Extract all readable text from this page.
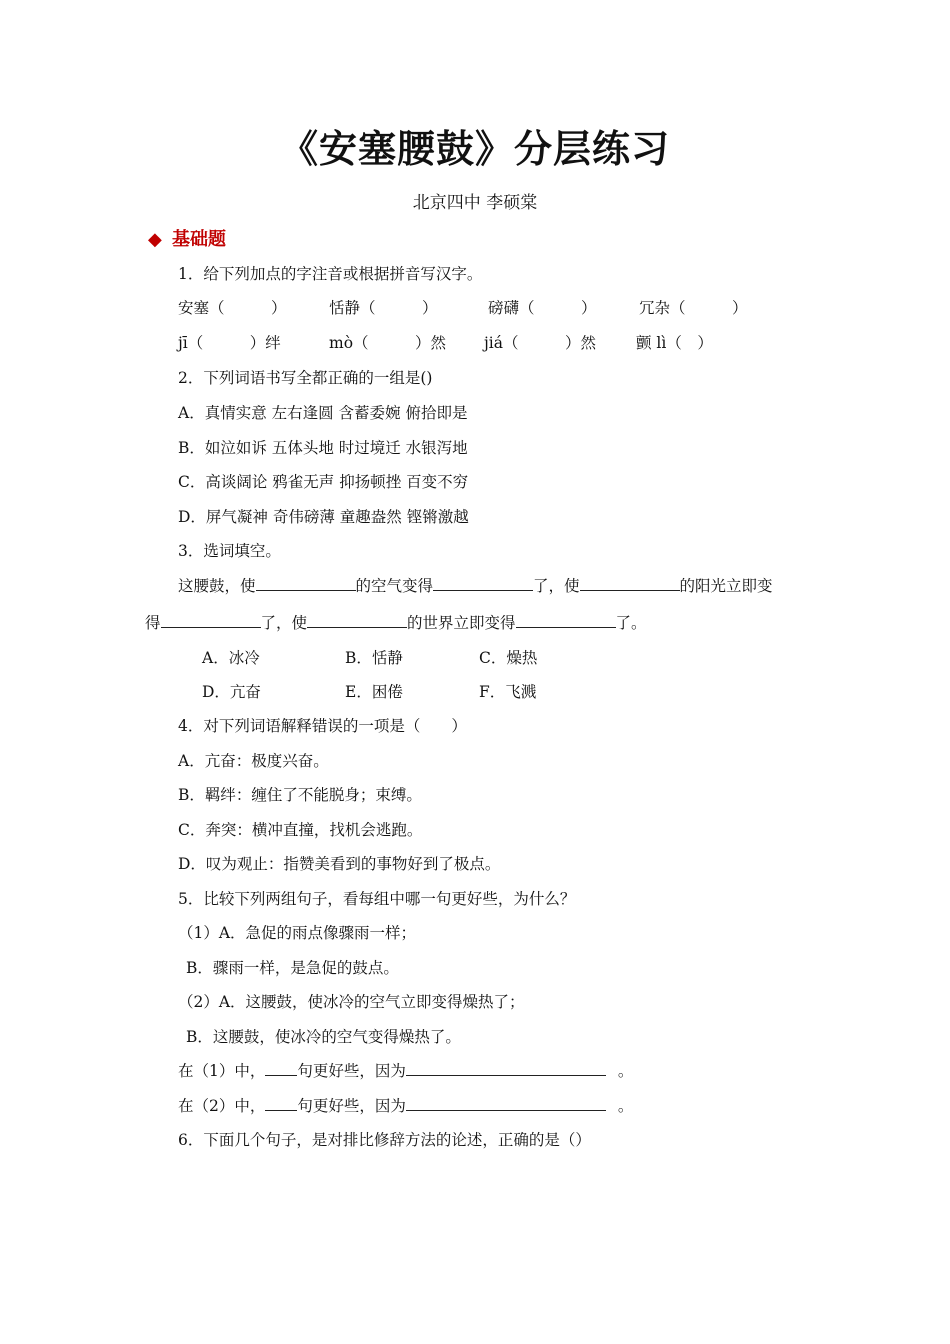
《安塞腰鼓》分层练习
北京四中 李硕棠
◆ 基础题
1．给下列加点的字注音或根据拼音写汉字。
安塞（　　　）	恬静（　　　）	磅礴（　　　）	冗杂（　　　）
jī（　　　）绊	mò（　　　）然 jiá（　　　）然	颤 lì（　）
2．下列词语书写全都正确的一组是()
A．真情实意 左右逢圆 含蓄委婉 俯拾即是
B．如泣如诉 五体头地 时过境迁 水银泻地
C．高谈阔论 鸦雀无声 抑扬顿挫 百变不穷
D．屏气凝神 奇伟磅薄 童趣盎然 铿锵激越
3．选词填空。
这腰鼓，使	的空气变得	了，使	的阳光立即变
得	了，使	的世界立即变得	了。
A．冰冷	B．恬静	C．燥热
D．亢奋	E．困倦	F．飞溅
4．对下列词语解释错误的一项是（　　）
A．亢奋：极度兴奋。
B．羁绊：缠住了不能脱身；束缚。
C．奔突：横冲直撞，找机会逃跑。
D．叹为观止：指赞美看到的事物好到了极点。
5．比较下列两组句子，看每组中哪一句更好些，为什么？
（1）A．急促的雨点像骤雨一样；
B．骤雨一样，是急促的鼓点。
（2）A．这腰鼓，使冰冷的空气立即变得燥热了；
B．这腰鼓，使冰冷的空气变得燥热了。
在（1）中， 句更好些，因为	。
在（2）中， 句更好些，因为	。
6．下面几个句子，是对排比修辞方法的论述，正确的是（）
